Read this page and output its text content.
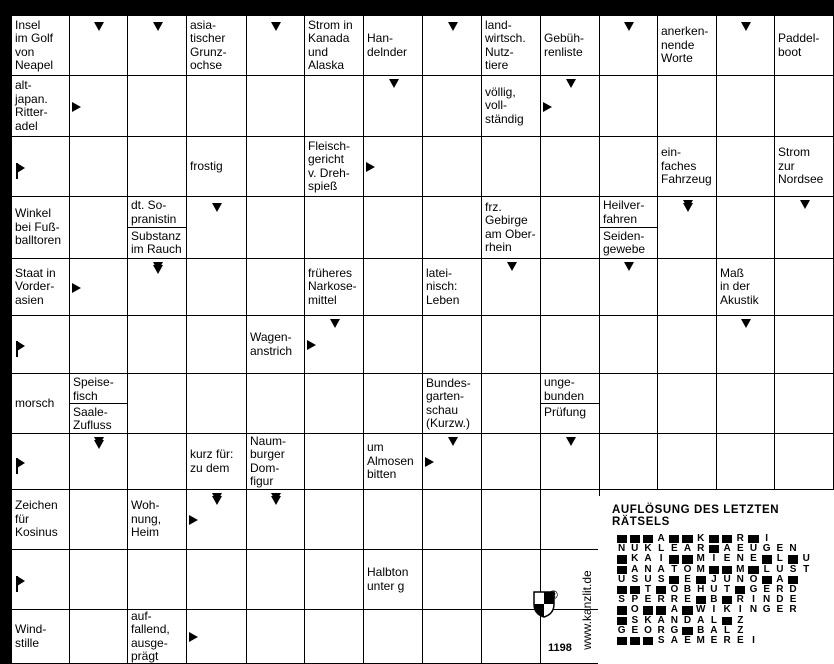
Insel
im Golf
von
Neapel
asia-
tischer
Grunz-
ochse
Strom in
Kanada
und
Alaska
Han-
delnder
land-
wirtsch.
Nutz-
tiere
Gebüh-
renliste
anerken-
nende
Worte
Paddel-
boot
alt-
japan.
Ritter-
adel
völlig,
voll-
ständig
frostig
Fleisch-
gericht
v. Dreh-
spieß
ein-
faches
Fahrzeug
Strom
zur
Nordsee
Winkel
bei Fuß-
balltoren
dt. So-
pranistin
Substanz
im Rauch
frz.
Gebirge
am Ober-
rhein
Heilver-
fahren
Seiden-
gewebe
Staat in
Vorder-
asien
früheres
Narkose-
mittel
latei-
nisch:
Leben
Maß
in der
Akustik
Wagen-
anstrich
morsch
Speise-
fisch
Saale-
Zufluss
Bundes-
garten-
schau
(Kurzw.)
unge-
bunden
Prüfung
kurz für:
zu dem
Naum-
burger
Dom-
figur
um
Almosen
bitten
Zeichen
für
Kosinus
Woh-
nung,
Heim
Halbton
unter g
Wind-
stille
auf-
fallend,
ausge-
prägt
AUFLÖSUNG DES LETZTEN RÄTSELS
A	K	R	I
N U K L E A R A E U G E N
K A I	M I E N E	L	U
A N A T O M	M	L U S T
U S U S	E	J U N O A
T	O B H U T	G E R D
S P E R R E	B R I N D E
O	A W I K I N G E R
S K A N D A L	Z
G E O R G B A L Z
S A E M E R E I
www.kanzlit.de
1198
®
